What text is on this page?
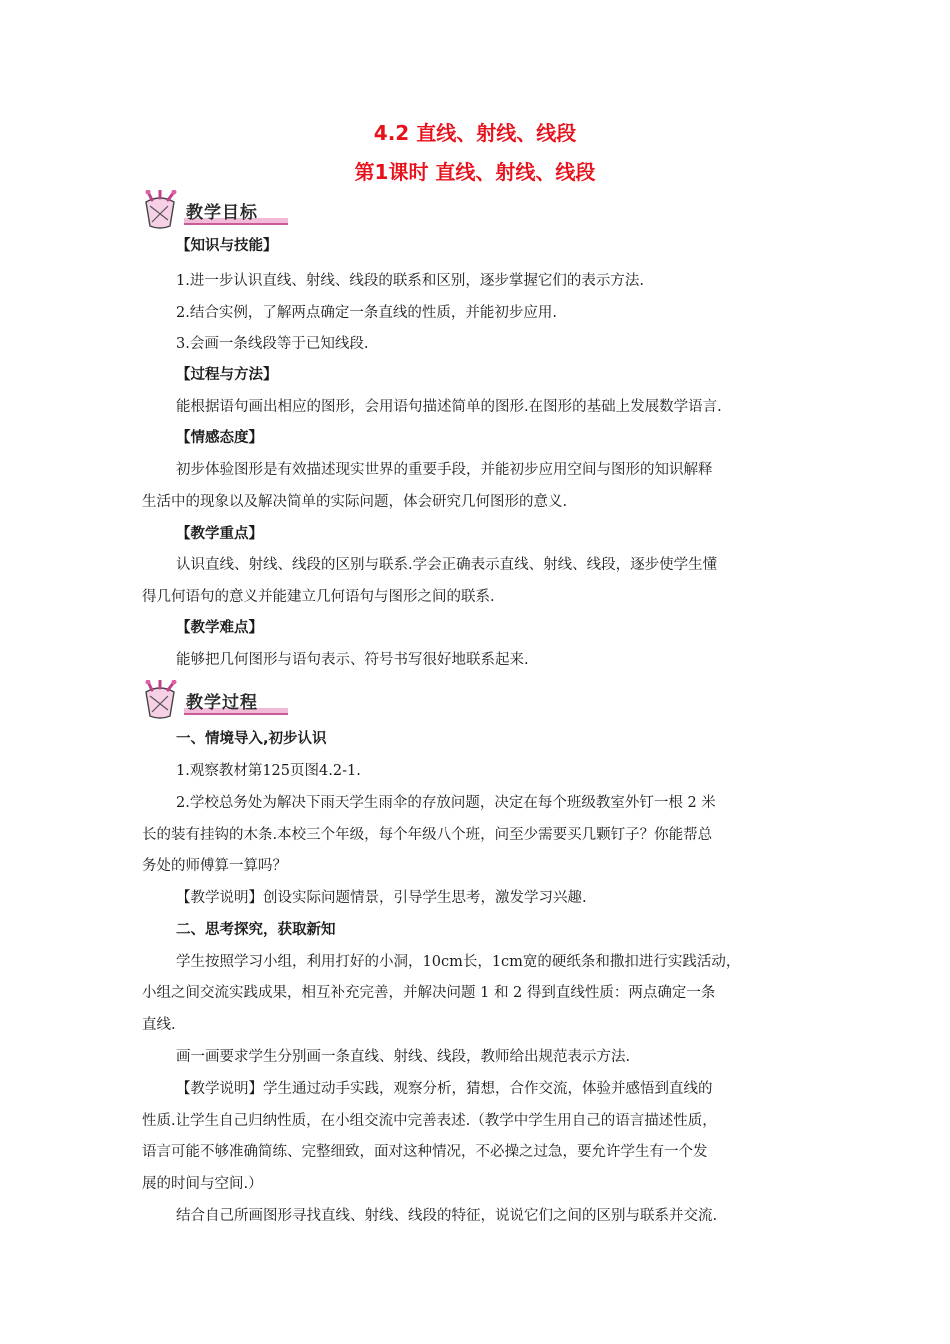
4.2 直线、射线、线段
第1课时 直线、射线、线段
教学目标
【知识与技能】
1.进一步认识直线、射线、线段的联系和区别，逐步掌握它们的表示方法.
2.结合实例，了解两点确定一条直线的性质，并能初步应用.
3.会画一条线段等于已知线段.
【过程与方法】
能根据语句画出相应的图形，会用语句描述简单的图形.在图形的基础上发展数学语言.
【情感态度】
初步体验图形是有效描述现实世界的重要手段，并能初步应用空间与图形的知识解释
生活中的现象以及解决简单的实际问题，体会研究几何图形的意义.
【教学重点】
认识直线、射线、线段的区别与联系.学会正确表示直线、射线、线段，逐步使学生懂
得几何语句的意义并能建立几何语句与图形之间的联系.
【教学难点】
能够把几何图形与语句表示、符号书写很好地联系起来.
教学过程
一、情境导入,初步认识
1.观察教材第125页图4.2-1.
2.学校总务处为解决下雨天学生雨伞的存放问题，决定在每个班级教室外钉一根 2 米
长的装有挂钩的木条.本校三个年级，每个年级八个班，问至少需要买几颗钉子？你能帮总
务处的师傅算一算吗？
【教学说明】创设实际问题情景，引导学生思考，激发学习兴趣.
二、思考探究，获取新知
学生按照学习小组，利用打好的小洞，10cm长，1cm宽的硬纸条和撒扣进行实践活动，
小组之间交流实践成果，相互补充完善，并解决问题 1 和 2 得到直线性质：两点确定一条
直线.
画一画要求学生分别画一条直线、射线、线段，教师给出规范表示方法.
【教学说明】学生通过动手实践，观察分析，猜想，合作交流，体验并感悟到直线的
性质.让学生自己归纳性质，在小组交流中完善表述.（教学中学生用自己的语言描述性质，
语言可能不够准确简练、完整细致，面对这种情况，不必操之过急，要允许学生有一个发
展的时间与空间.）
结合自己所画图形寻找直线、射线、线段的特征，说说它们之间的区别与联系并交流.
